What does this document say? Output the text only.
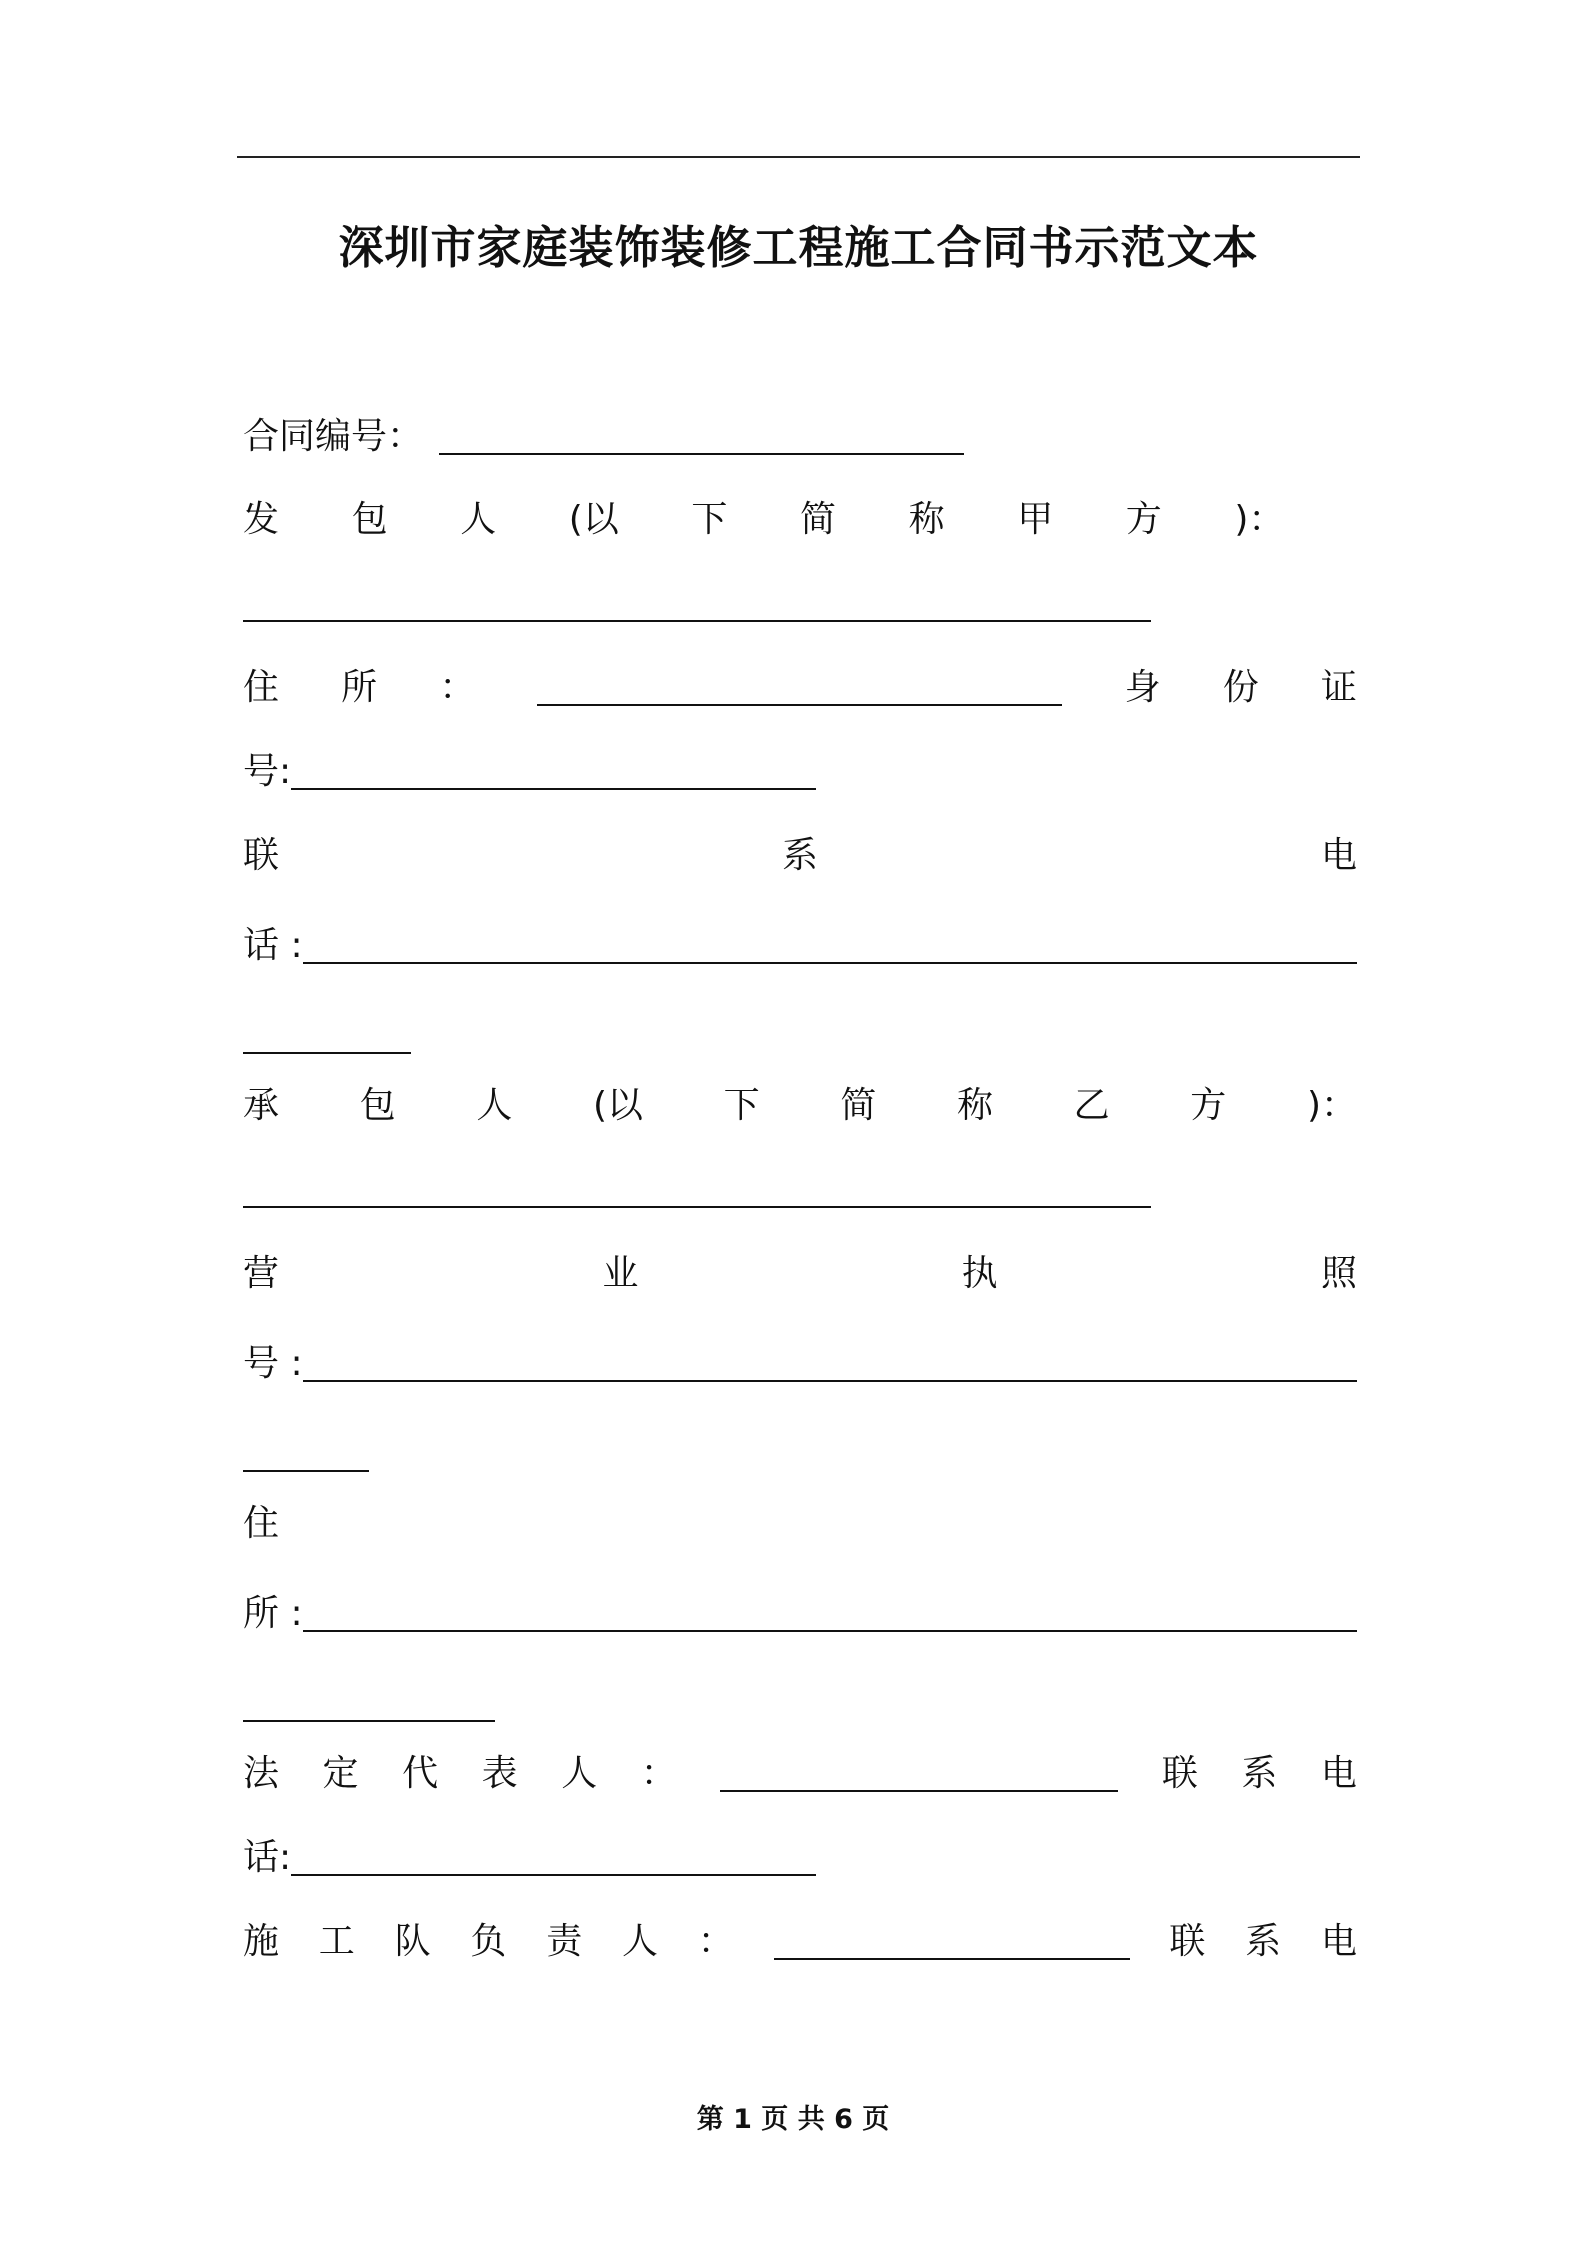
深圳市家庭装饰装修工程施工合同书示范文本
合同编号：
发 包 人 (以 下 简 称 甲 方 )：
住 所 ：	身 份 证
号:
联	系	电
话 :
承 包 人 (以 下 简 称 乙 方 )：
营	业	执	照
号 :
住
所 :
法 定 代 表 人 ：	联 系 电
话:
施 工 队 负 责 人 ：	联 系 电
第 1 页 共 6 页
